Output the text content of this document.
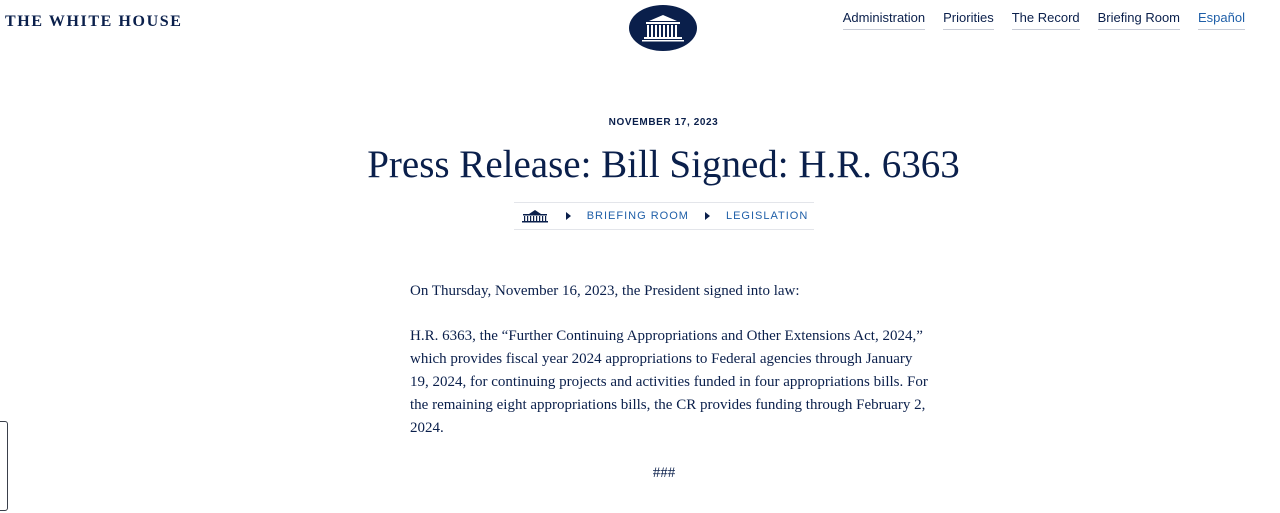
THE WHITE HOUSE	Administration Priorities The Record Briefing Room Español
NOVEMBER 17, 2023
Press Release: Bill Signed: H.R. 6363
BRIEFING ROOM	LEGISLATION

On Thursday, November 16, 2023, the President signed into law:

H.R. 6363, the “Further Continuing Appropriations and Other Extensions Act, 2024,” which provides fiscal year 2024 appropriations to Federal agencies through January 19, 2024, for continuing projects and activities funded in four appropriations bills. For the remaining eight appropriations bills, the CR provides funding through February 2, 2024.

###
